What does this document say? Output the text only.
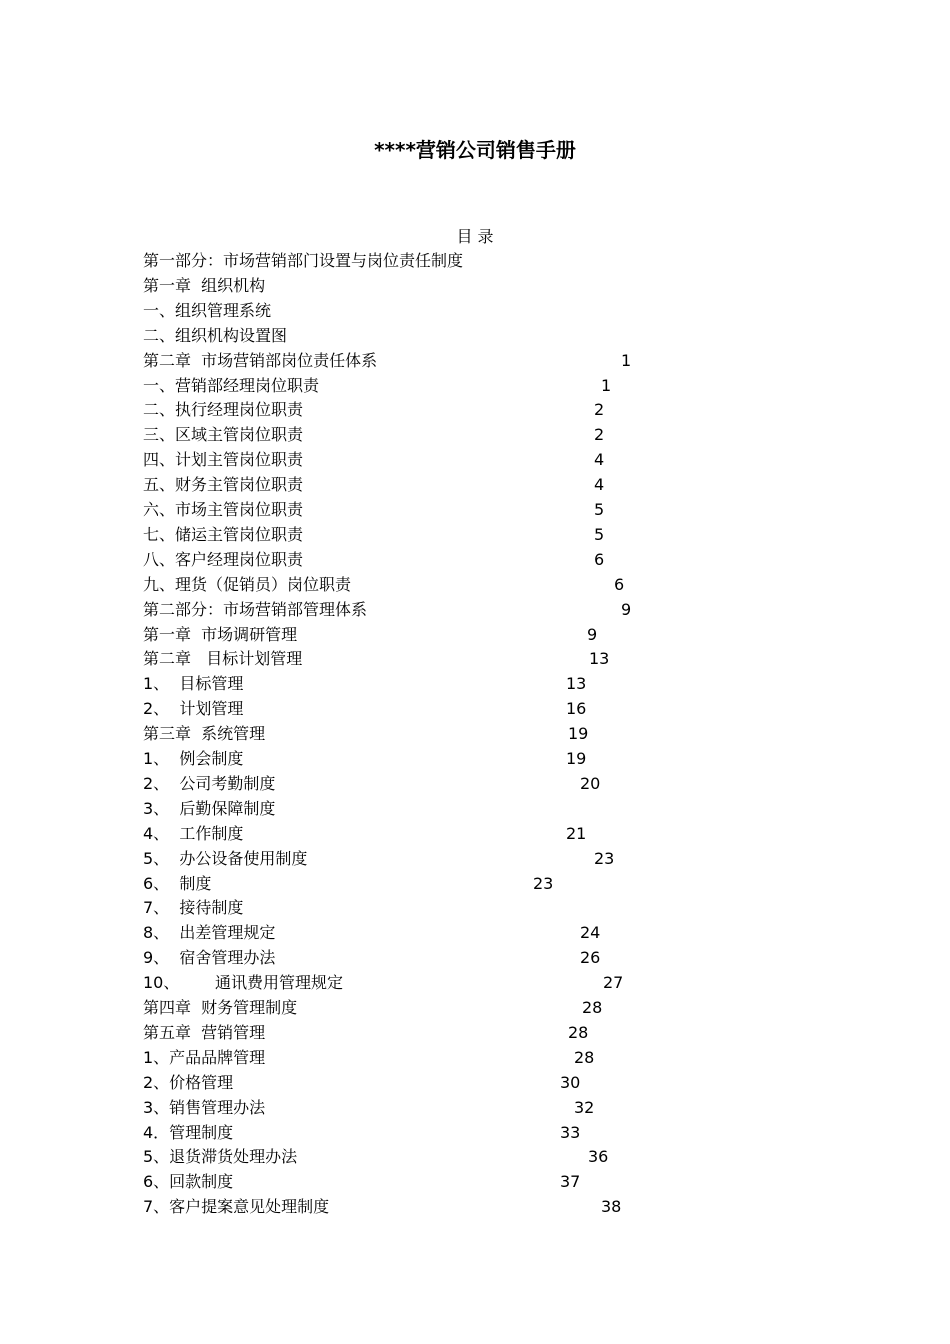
****营销公司销售手册
目 录
第一部分：市场营销部门设置与岗位责任制度
第一章  组织机构
一、组织管理系统
二、组织机构设置图
第二章  市场营销部岗位责任体系	1
一、营销部经理岗位职责	1
二、执行经理岗位职责	2
三、区域主管岗位职责	2
四、计划主管岗位职责	4
五、财务主管岗位职责	4
六、市场主管岗位职责	5
七、储运主管岗位职责	5
八、客户经理岗位职责	6
九、理货（促销员）岗位职责	6
第二部分：市场营销部管理体系	9
第一章  市场调研管理	9
第二章   目标计划管理	13
1、  目标管理	13
2、  计划管理	16
第三章  系统管理	19
1、  例会制度	19
2、  公司考勤制度	20
3、  后勤保障制度
4、  工作制度	21
5、  办公设备使用制度	23
6、  制度	23
7、  接待制度
8、  出差管理规定	24
9、  宿舍管理办法	26
10、       通讯费用管理规定	27
第四章  财务管理制度	28
第五章  营销管理	28
1、产品品牌管理	28
2、价格管理	30
3、销售管理办法	32
4．管理制度	33
5、退货滞货处理办法	36
6、回款制度	37
7、客户提案意见处理制度	38
